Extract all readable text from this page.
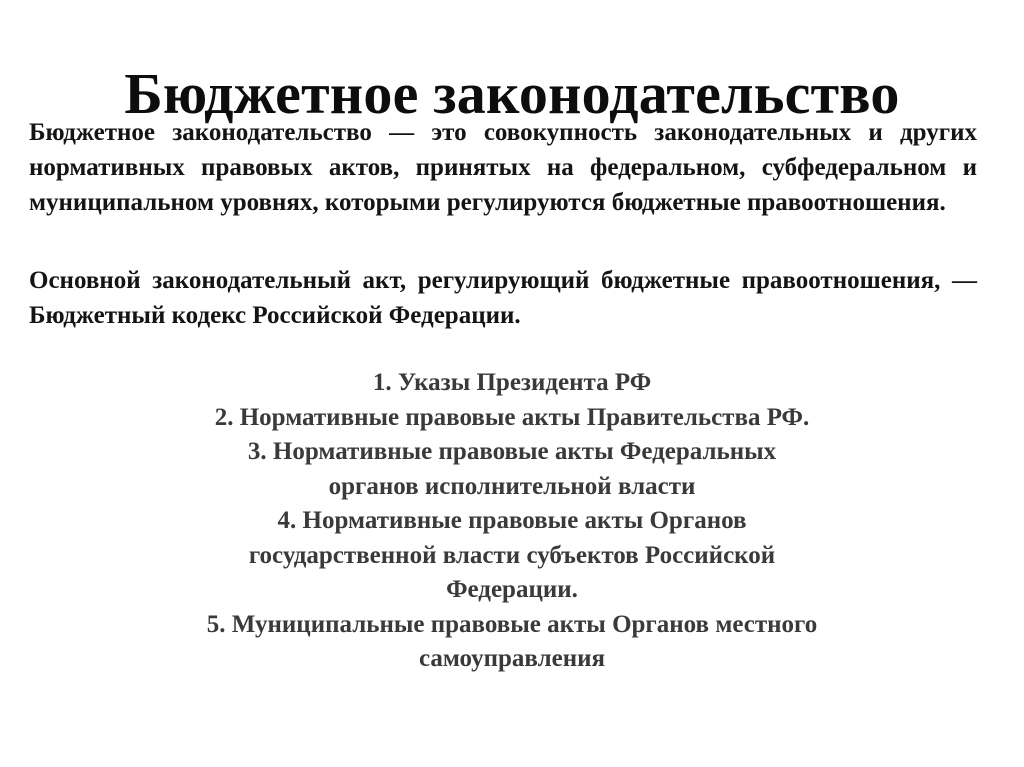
Бюджетное законодательство
Бюджетное законодательство — это совокупность законодательных и других нормативных правовых актов, принятых на федеральном, субфедеральном и муниципальном уровнях, которыми регулируются бюджетные правоотношения.
Основной законодательный акт, регулирующий бюджетные правоотношения, — Бюджетный кодекс Российской Федерации.
1. Указы Президента РФ
2. Нормативные правовые акты Правительства РФ.
3. Нормативные правовые акты Федеральных органов исполнительной власти
4. Нормативные правовые акты Органов государственной власти субъектов Российской Федерации.
5. Муниципальные правовые акты Органов местного самоуправления
